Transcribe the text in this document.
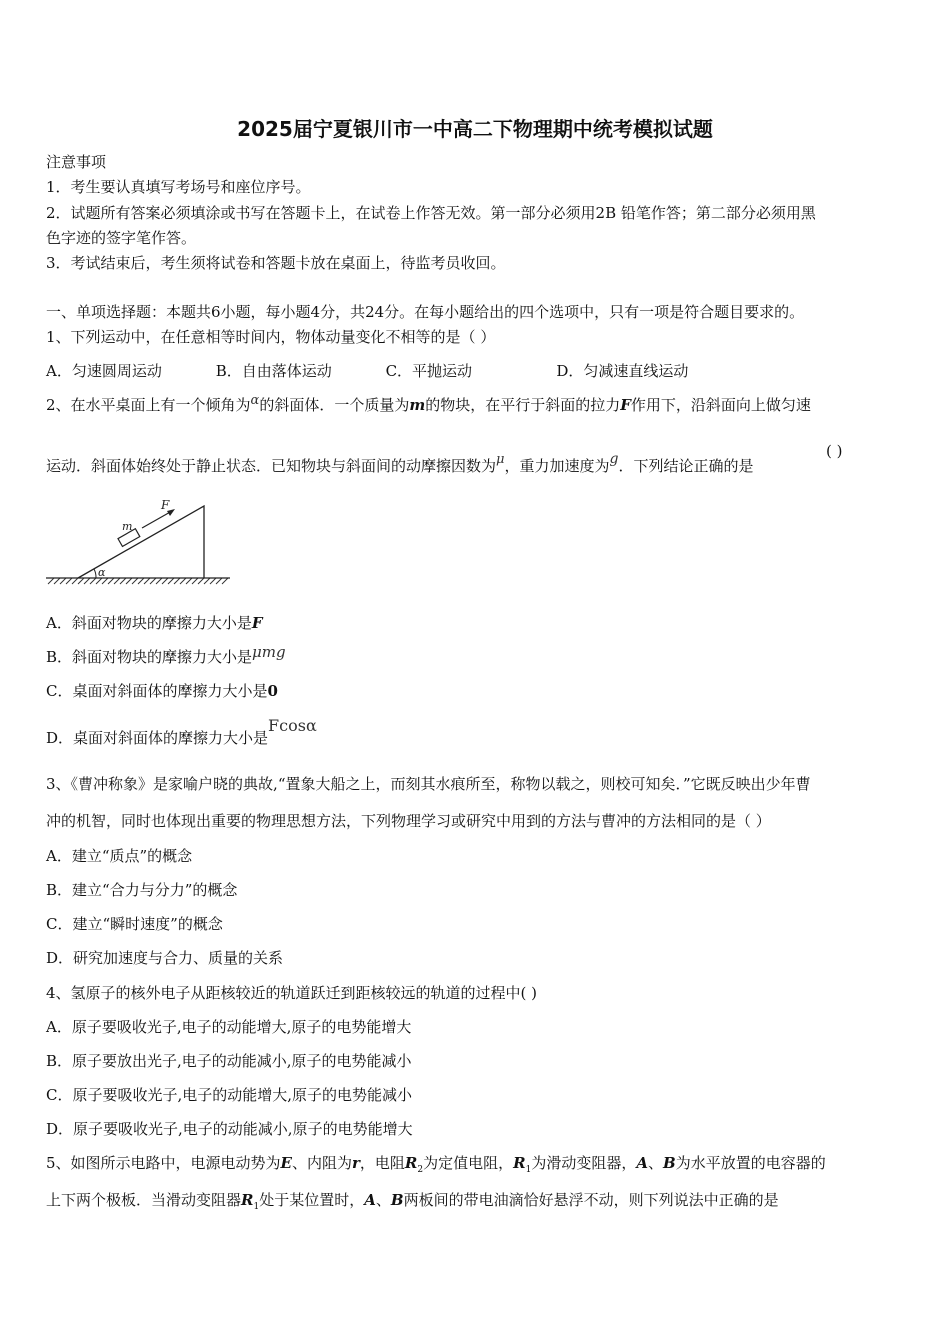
2025届宁夏银川市一中高二下物理期中统考模拟试题
注意事项
1．考生要认真填写考场号和座位序号。
2．试题所有答案必须填涂或书写在答题卡上，在试卷上作答无效。第一部分必须用2B 铅笔作答；第二部分必须用黑
色字迹的签字笔作答。
3．考试结束后，考生须将试卷和答题卡放在桌面上，待监考员收回。
一、单项选择题：本题共6小题，每小题4分，共24分。在每小题给出的四个选项中，只有一项是符合题目要求的。
1、下列运动中，在任意相等时间内，物体动量变化不相等的是（ ）
A．匀速圆周运动	B．自由落体运动	C．平抛运动	D．匀减速直线运动
2、在水平桌面上有一个倾角为α的斜面体．一个质量为m的物块，在平行于斜面的拉力F作用下，沿斜面向上做匀速
运动．斜面体始终处于静止状态．已知物块与斜面间的动摩擦因数为μ，重力加速度为g．下列结论正确的是
( )
α
m
F
A．斜面对物块的摩擦力大小是F
B．斜面对物块的摩擦力大小是μmg
C．桌面对斜面体的摩擦力大小是0
D．桌面对斜面体的摩擦力大小是Fcosα
3、《曹冲称象》是家喻户晓的典故,“置象大船之上，而刻其水痕所至，称物以载之，则校可知矣．”它既反映出少年曹
冲的机智，同时也体现出重要的物理思想方法，下列物理学习或研究中用到的方法与曹冲的方法相同的是（ ）
A．建立“质点”的概念
B．建立“合力与分力”的概念
C．建立“瞬时速度”的概念
D．研究加速度与合力、质量的关系
4、氢原子的核外电子从距核较近的轨道跃迁到距核较远的轨道的过程中( )
A．原子要吸收光子,电子的动能增大,原子的电势能增大
B．原子要放出光子,电子的动能减小,原子的电势能减小
C．原子要吸收光子,电子的动能增大,原子的电势能减小
D．原子要吸收光子,电子的动能减小,原子的电势能增大
5、如图所示电路中，电源电动势为E、内阻为r，电阻$R_2$为定值电阻，$R_1$为滑动变阻器，A、B为水平放置的电容器的
上下两个极板．当滑动变阻器$R_1$处于某位置时，A、B两板间的带电油滴恰好悬浮不动，则下列说法中正确的是
